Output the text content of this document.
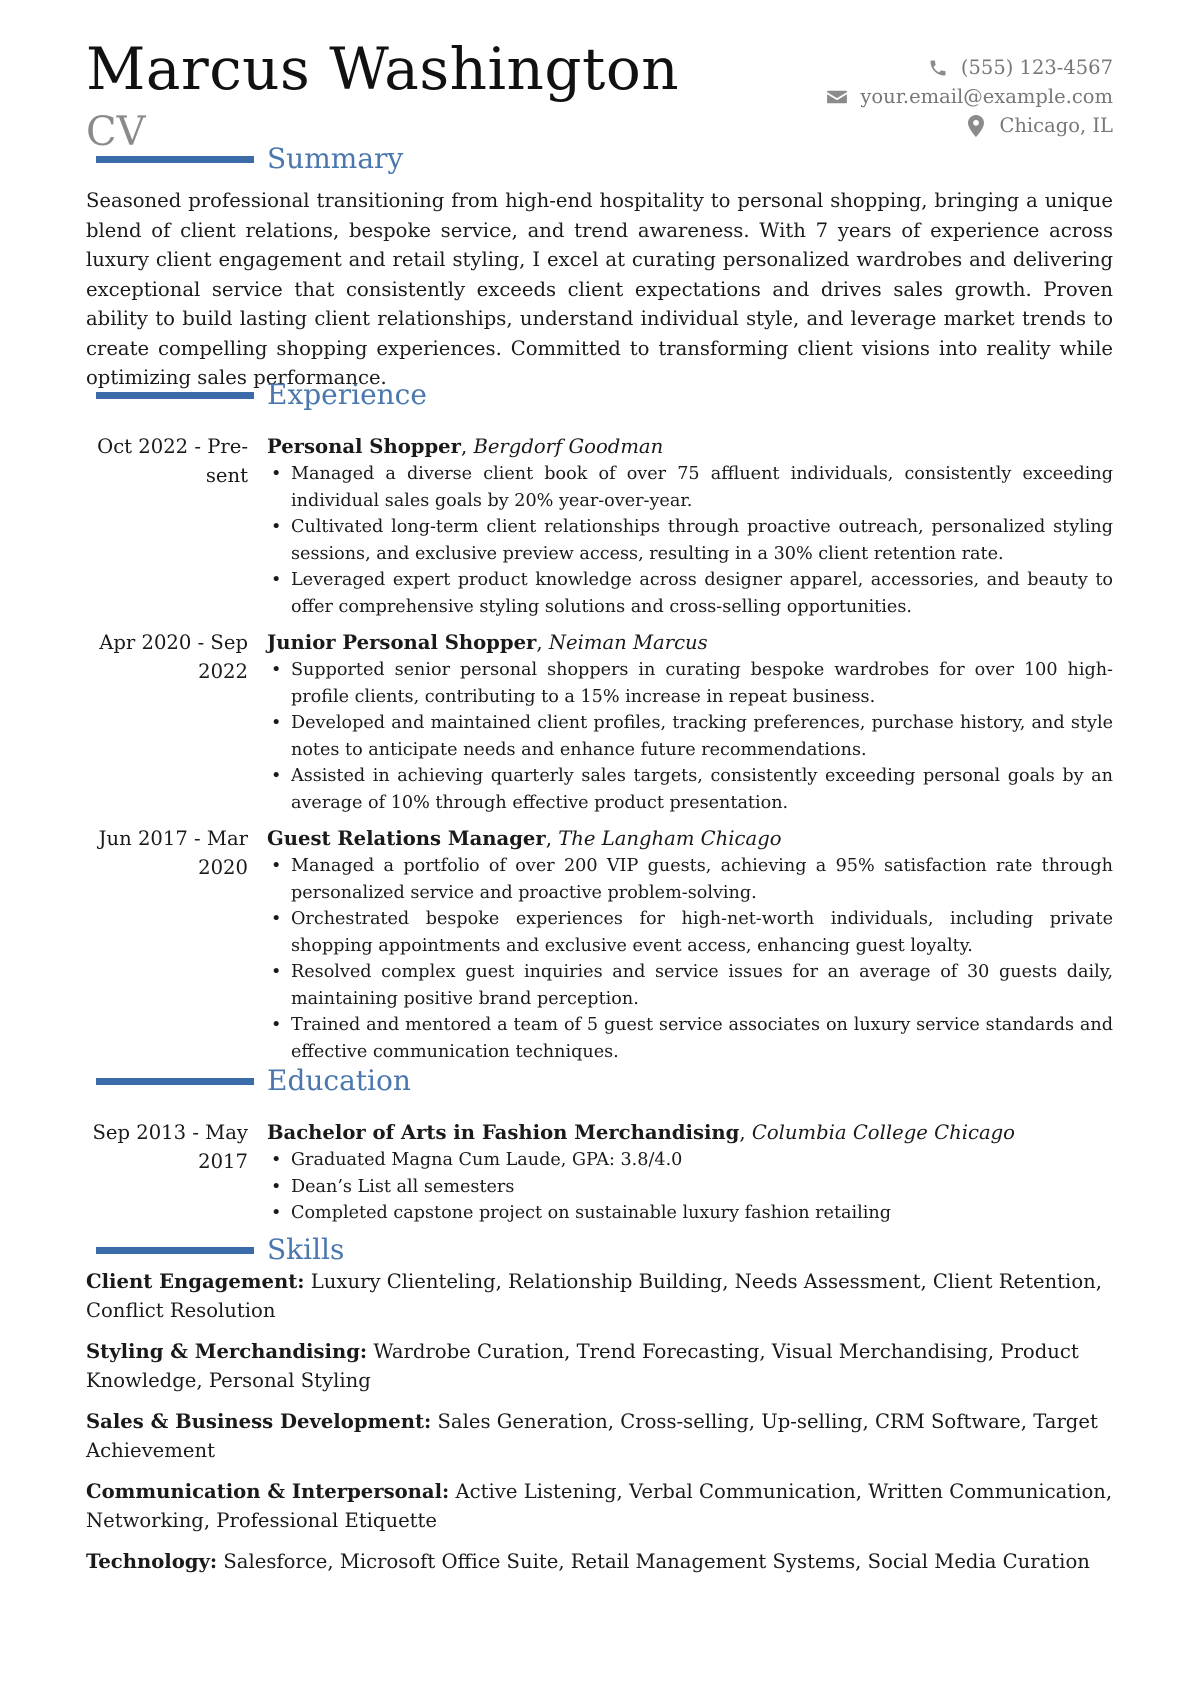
Marcus Washington
CV
(555) 123-4567
your.email@example.com
Chicago, IL
Summary
Seasoned professional transitioning from high-end hospitality to personal shopping, bringing a unique blend of client relations, bespoke service, and trend awareness. With 7 years of experience across luxury client engagement and retail styling, I excel at curating personalized wardrobes and delivering exceptional service that consistently exceeds client expectations and drives sales growth. Proven ability to build lasting client relationships, understand individual style, and leverage market trends to create compelling shopping experiences. Committed to transforming client visions into reality while optimizing sales performance.
Experience
Oct 2022 - Pre-
sent
Personal Shopper, Bergdorf Goodman
• Managed a diverse client book of over 75 affluent individuals, consistently exceeding individual sales goals by 20% year-over-year.
• Cultivated long-term client relationships through proactive outreach, personalized styling sessions, and exclusive preview access, resulting in a 30% client retention rate.
• Leveraged expert product knowledge across designer apparel, accessories, and beauty to offer comprehensive styling solutions and cross-selling opportunities.
Apr 2020 - Sep
2022
Junior Personal Shopper, Neiman Marcus
• Supported senior personal shoppers in curating bespoke wardrobes for over 100 high-profile clients, contributing to a 15% increase in repeat business.
• Developed and maintained client profiles, tracking preferences, purchase history, and style notes to anticipate needs and enhance future recommendations.
• Assisted in achieving quarterly sales targets, consistently exceeding personal goals by an average of 10% through effective product presentation.
Jun 2017 - Mar
2020
Guest Relations Manager, The Langham Chicago
• Managed a portfolio of over 200 VIP guests, achieving a 95% satisfaction rate through personalized service and proactive problem-solving.
• Orchestrated bespoke experiences for high-net-worth individuals, including private shopping appointments and exclusive event access, enhancing guest loyalty.
• Resolved complex guest inquiries and service issues for an average of 30 guests daily, maintaining positive brand perception.
• Trained and mentored a team of 5 guest service associates on luxury service standards and effective communication techniques.
Education
Sep 2013 - May
2017
Bachelor of Arts in Fashion Merchandising, Columbia College Chicago
• Graduated Magna Cum Laude, GPA: 3.8/4.0
• Dean’s List all semesters
• Completed capstone project on sustainable luxury fashion retailing
Skills
Client Engagement: Luxury Clienteling, Relationship Building, Needs Assessment, Client Retention, Conflict Resolution
Styling & Merchandising: Wardrobe Curation, Trend Forecasting, Visual Merchandising, Product Knowledge, Personal Styling
Sales & Business Development: Sales Generation, Cross-selling, Up-selling, CRM Software, Target Achievement
Communication & Interpersonal: Active Listening, Verbal Communication, Written Communication, Networking, Professional Etiquette
Technology: Salesforce, Microsoft Office Suite, Retail Management Systems, Social Media Curation
